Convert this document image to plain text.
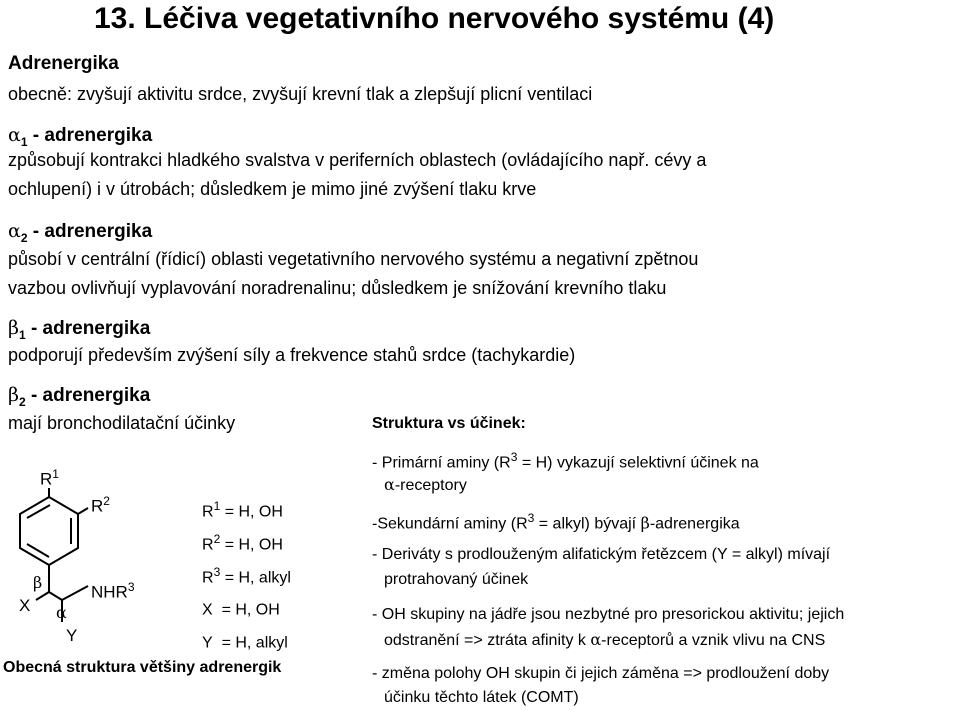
13. Léčiva vegetativního nervového systému (4)
Adrenergika
obecně: zvyšují aktivitu srdce, zvyšují krevní tlak a zlepšují plicní ventilaci
$\alpha_1$ - adrenergika
způsobují kontrakci hladkého svalstva v periferních oblastech (ovládajícího např. cévy a
ochlupení) i v útrobách; důsledkem je mimo jiné zvýšení tlaku krve
$\alpha_2$ - adrenergika
působí v centrální (řídicí) oblasti vegetativního nervového systému a negativní zpětnou
vazbou ovlivňují vyplavování noradrenalinu; důsledkem je snížování krevního tlaku
$\beta_1$ - adrenergika
podporují především zvýšení síly a frekvence stahů srdce (tachykardie)
$\beta_2$ - adrenergika
mají bronchodilatační účinky
$R^1$
$R^2$
NHR$^3$
X
Y
β
α
Obecná struktura většiny adrenergik
$R^1 = H$, OH
$R^2 = H$, OH
$R^3 = H$, alkyl
X  = H, OH
Y  = H, alkyl
Struktura vs účinek:
- Primární aminy $(R^3 = H)$ vykazují selektivní účinek na
α-receptory
-Sekundární aminy ($R^3$ = alkyl) bývají β-adrenergika
- Deriváty s prodlouženým alifatickým řetězcem (Y = alkyl) mívají
protrahovaný účinek
- OH skupiny na jádře jsou nezbytné pro presorickou aktivitu; jejich
odstranění => ztráta afinity k α-receptorů a vznik vlivu na CNS
- změna polohy OH skupin či jejich záměna => prodloužení doby
účinku těchto látek (COMT)
